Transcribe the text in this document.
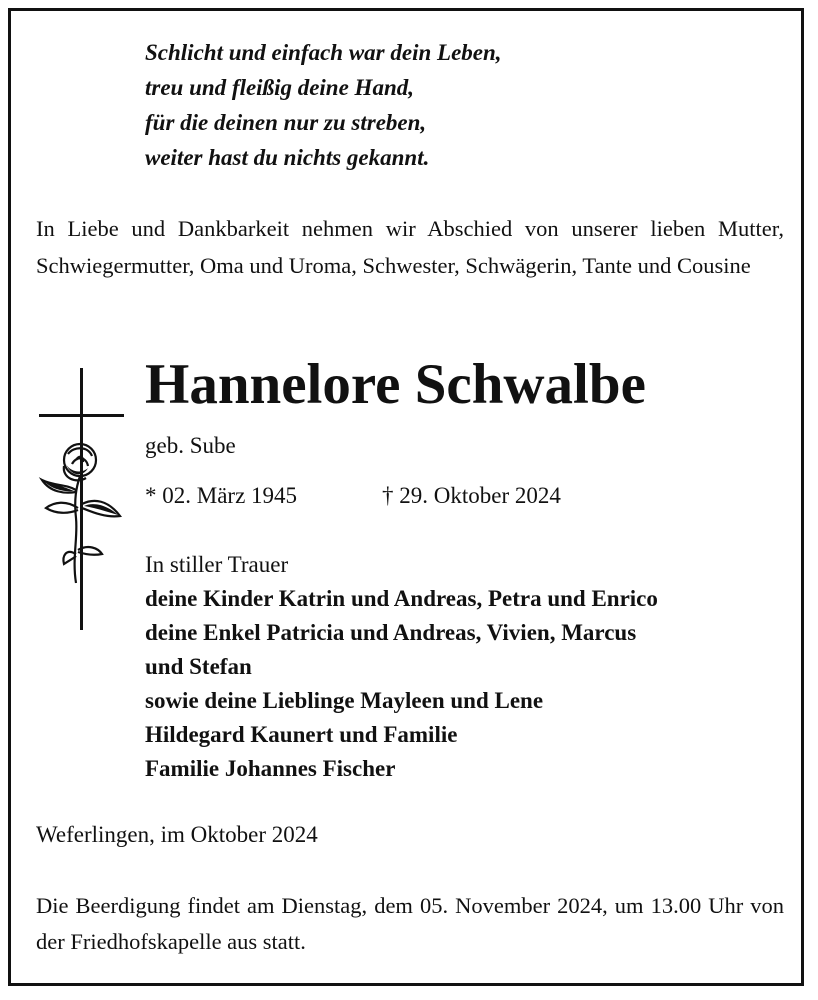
Schlicht und einfach war dein Leben,
treu und fleißig deine Hand,
für die deinen nur zu streben,
weiter hast du nichts gekannt.
In Liebe und Dankbarkeit nehmen wir Abschied von unserer lieben Mutter, Schwiegermutter, Oma und Uroma, Schwester, Schwägerin, Tante und Cousine
Hannelore Schwalbe
geb. Sube
* 02. März 1945	† 29. Oktober 2024
In stiller Trauer
deine Kinder Katrin und Andreas, Petra und Enrico
deine Enkel Patricia und Andreas, Vivien, Marcus
und Stefan
sowie deine Lieblinge Mayleen und Lene
Hildegard Kaunert und Familie
Familie Johannes Fischer
Weferlingen, im Oktober 2024
Die Beerdigung findet am Dienstag, dem 05. November 2024, um 13.00 Uhr von der Friedhofskapelle aus statt.
